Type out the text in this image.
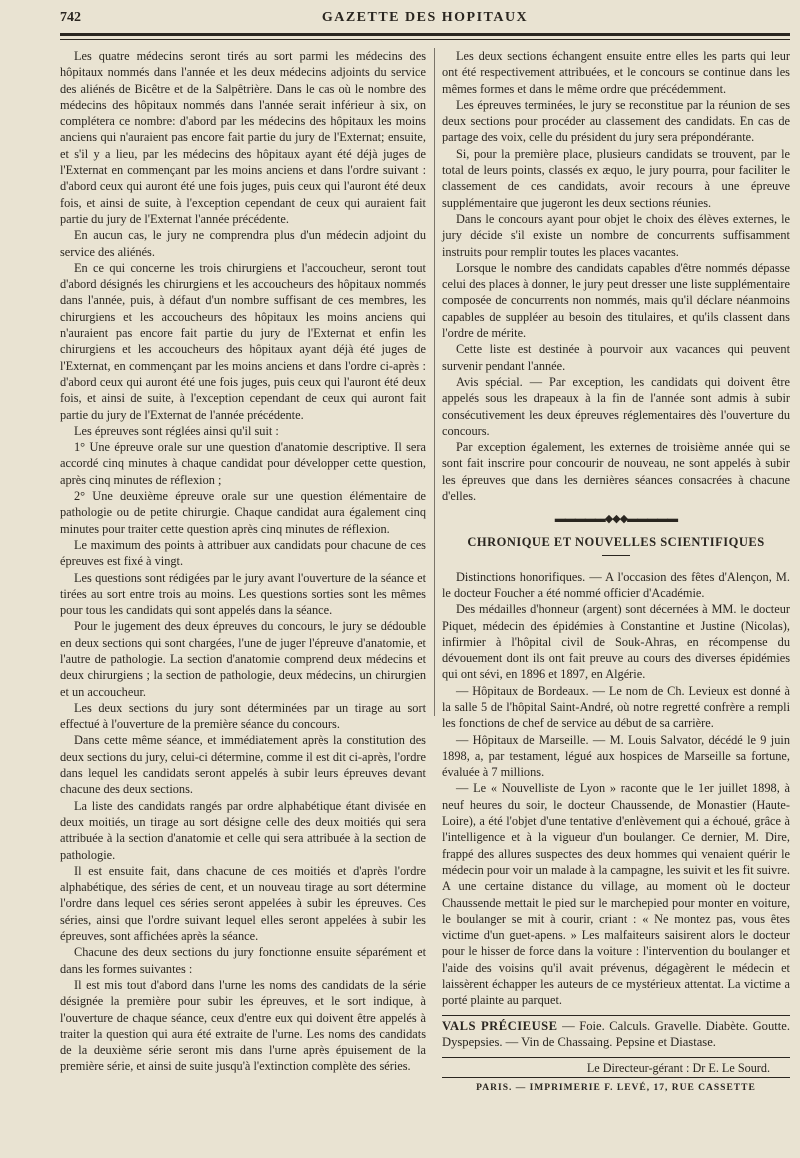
742	GAZETTE DES HOPITAUX

Les quatre médecins seront tirés au sort parmi les médecins des hôpitaux nommés dans l'année et les deux médecins adjoints du service des aliénés de Bicêtre et de la Salpêtrière. Dans le cas où le nombre des médecins des hôpitaux nommés dans l'année serait inférieur à six, on complétera ce nombre: d'abord par les médecins des hôpitaux les moins anciens qui n'auraient pas encore fait partie du jury de l'Externat; ensuite, et s'il y a lieu, par les médecins des hôpitaux ayant été déjà juges de l'Externat en commençant par les moins anciens et dans l'ordre suivant : d'abord ceux qui auront été une fois juges, puis ceux qui l'auront été deux fois, et ainsi de suite, à l'exception cependant de ceux qui auraient fait partie du jury de l'Externat l'année précédente.

En aucun cas, le jury ne comprendra plus d'un médecin adjoint du service des aliénés.

En ce qui concerne les trois chirurgiens et l'accoucheur, seront tout d'abord désignés les chirurgiens et les accoucheurs des hôpitaux nommés dans l'année, puis, à défaut d'un nombre suffisant de ces membres, les chirurgiens et les accoucheurs des hôpitaux les moins anciens qui n'auraient pas encore fait partie du jury de l'Externat et enfin les chirurgiens et les accoucheurs des hôpitaux ayant déjà été juges de l'Externat, en commençant par les moins anciens et dans l'ordre ci-après : d'abord ceux qui auront été une fois juges, puis ceux qui l'auront été deux fois, et ainsi de suite, à l'exception cependant de ceux qui auront fait partie du jury de l'Externat de l'année précédente.

Les épreuves sont réglées ainsi qu'il suit :

1° Une épreuve orale sur une question d'anatomie descriptive. Il sera accordé cinq minutes à chaque candidat pour développer cette question, après cinq minutes de réflexion ;

2° Une deuxième épreuve orale sur une question élémentaire de pathologie ou de petite chirurgie. Chaque candidat aura également cinq minutes pour traiter cette question après cinq minutes de réflexion.

Le maximum des points à attribuer aux candidats pour chacune de ces épreuves est fixé à vingt.

Les questions sont rédigées par le jury avant l'ouverture de la séance et tirées au sort entre trois au moins. Les questions sorties sont les mêmes pour tous les candidats qui sont appelés dans la séance.

Pour le jugement des deux épreuves du concours, le jury se dédouble en deux sections qui sont chargées, l'une de juger l'épreuve d'anatomie, et l'autre de pathologie. La section d'anatomie comprend deux médecins et deux chirurgiens ; la section de pathologie, deux médecins, un chirurgien et un accoucheur.

Les deux sections du jury sont déterminées par un tirage au sort effectué à l'ouverture de la première séance du concours.

Dans cette même séance, et immédiatement après la constitution des deux sections du jury, celui-ci détermine, comme il est dit ci-après, l'ordre dans lequel les candidats seront appelés à subir leurs épreuves devant chacune des deux sections.

La liste des candidats rangés par ordre alphabétique étant divisée en deux moitiés, un tirage au sort désigne celle des deux moitiés qui sera attribuée à la section d'anatomie et celle qui sera attribuée à la section de pathologie.

Il est ensuite fait, dans chacune de ces moitiés et d'après l'ordre alphabétique, des séries de cent, et un nouveau tirage au sort détermine l'ordre dans lequel ces séries seront appelées à subir les épreuves. Ces séries, ainsi que l'ordre suivant lequel elles seront appelées à subir les épreuves, sont affichées après la séance.

Chacune des deux sections du jury fonctionne ensuite séparément et dans les formes suivantes :

Il est mis tout d'abord dans l'urne les noms des candidats de la série désignée la première pour subir les épreuves, et le sort indique, à l'ouverture de chaque séance, ceux d'entre eux qui doivent être appelés à traiter la question qui aura été extraite de l'urne. Les noms des candidats de la deuxième série seront mis dans l'urne après épuisement de la première série, et ainsi de suite jusqu'à l'extinction complète des séries.

Les deux sections échangent ensuite entre elles les parts qui leur ont été respectivement attribuées, et le concours se continue dans les mêmes formes et dans le même ordre que précédemment.

Les épreuves terminées, le jury se reconstitue par la réunion de ses deux sections pour procéder au classement des candidats. En cas de partage des voix, celle du président du jury sera prépondérante.

Si, pour la première place, plusieurs candidats se trouvent, par le total de leurs points, classés ex æquo, le jury pourra, pour faciliter le classement de ces candidats, avoir recours à une épreuve supplémentaire que jugeront les deux sections réunies.

Dans le concours ayant pour objet le choix des élèves externes, le jury décide s'il existe un nombre de concurrents suffisamment instruits pour remplir toutes les places vacantes.

Lorsque le nombre des candidats capables d'être nommés dépasse celui des places à donner, le jury peut dresser une liste supplémentaire composée de concurrents non nommés, mais qu'il déclare néanmoins capables de suppléer au besoin des titulaires, et qu'ils classent dans l'ordre de mérite.

Cette liste est destinée à pourvoir aux vacances qui peuvent survenir pendant l'année.

Avis spécial. — Par exception, les candidats qui doivent être appelés sous les drapeaux à la fin de l'année sont admis à subir consécutivement les deux épreuves réglementaires dès l'ouverture du concours.

Par exception également, les externes de troisième année qui se sont fait inscrire pour concourir de nouveau, ne sont appelés à subir les épreuves que dans les dernières séances consacrées à chacune d'elles.

▬▬▬▬▬◆◆◆▬▬▬▬▬
CHRONIQUE ET NOUVELLES SCIENTIFIQUES

Distinctions honorifiques. — A l'occasion des fêtes d'Alençon, M. le docteur Foucher a été nommé officier d'Académie.

Des médailles d'honneur (argent) sont décernées à MM. le docteur Piquet, médecin des épidémies à Constantine et Justine (Nicolas), infirmier à l'hôpital civil de Souk-Ahras, en récompense du dévouement dont ils ont fait preuve au cours des diverses épidémies qui ont sévi, en 1896 et 1897, en Algérie.

— Hôpitaux de Bordeaux. — Le nom de Ch. Levieux est donné à la salle 5 de l'hôpital Saint-André, où notre regretté confrère a rempli les fonctions de chef de service au début de sa carrière.

— Hôpitaux de Marseille. — M. Louis Salvator, décédé le 9 juin 1898, a, par testament, légué aux hospices de Marseille sa fortune, évaluée à 7 millions.

— Le « Nouvelliste de Lyon » raconte que le 1er juillet 1898, à neuf heures du soir, le docteur Chaussende, de Monastier (Haute-Loire), a été l'objet d'une tentative d'enlèvement qui a échoué, grâce à l'intelligence et à la vigueur d'un boulanger. Ce dernier, M. Dire, frappé des allures suspectes des deux hommes qui venaient quérir le médecin pour voir un malade à la campagne, les suivit et les fit suivre. A une certaine distance du village, au moment où le docteur Chaussende mettait le pied sur le marchepied pour monter en voiture, le boulanger se mit à courir, criant : « Ne montez pas, vous êtes victime d'un guet-apens. » Les malfaiteurs saisirent alors le docteur pour le hisser de force dans la voiture : l'intervention du boulanger et l'aide des voisins qu'il avait prévenus, dégagèrent le médecin et laissèrent échapper les auteurs de ce mystérieux attentat. La victime a porté plainte au parquet.

VALS PRÉCIEUSE — Foie. Calculs. Gravelle. Diabète. Goutte. Dyspepsies. — Vin de Chassaing. Pepsine et Diastase.

Le Directeur-gérant : Dr E. Le Sourd.

PARIS. — IMPRIMERIE F. LEVÉ, 17, RUE CASSETTE
